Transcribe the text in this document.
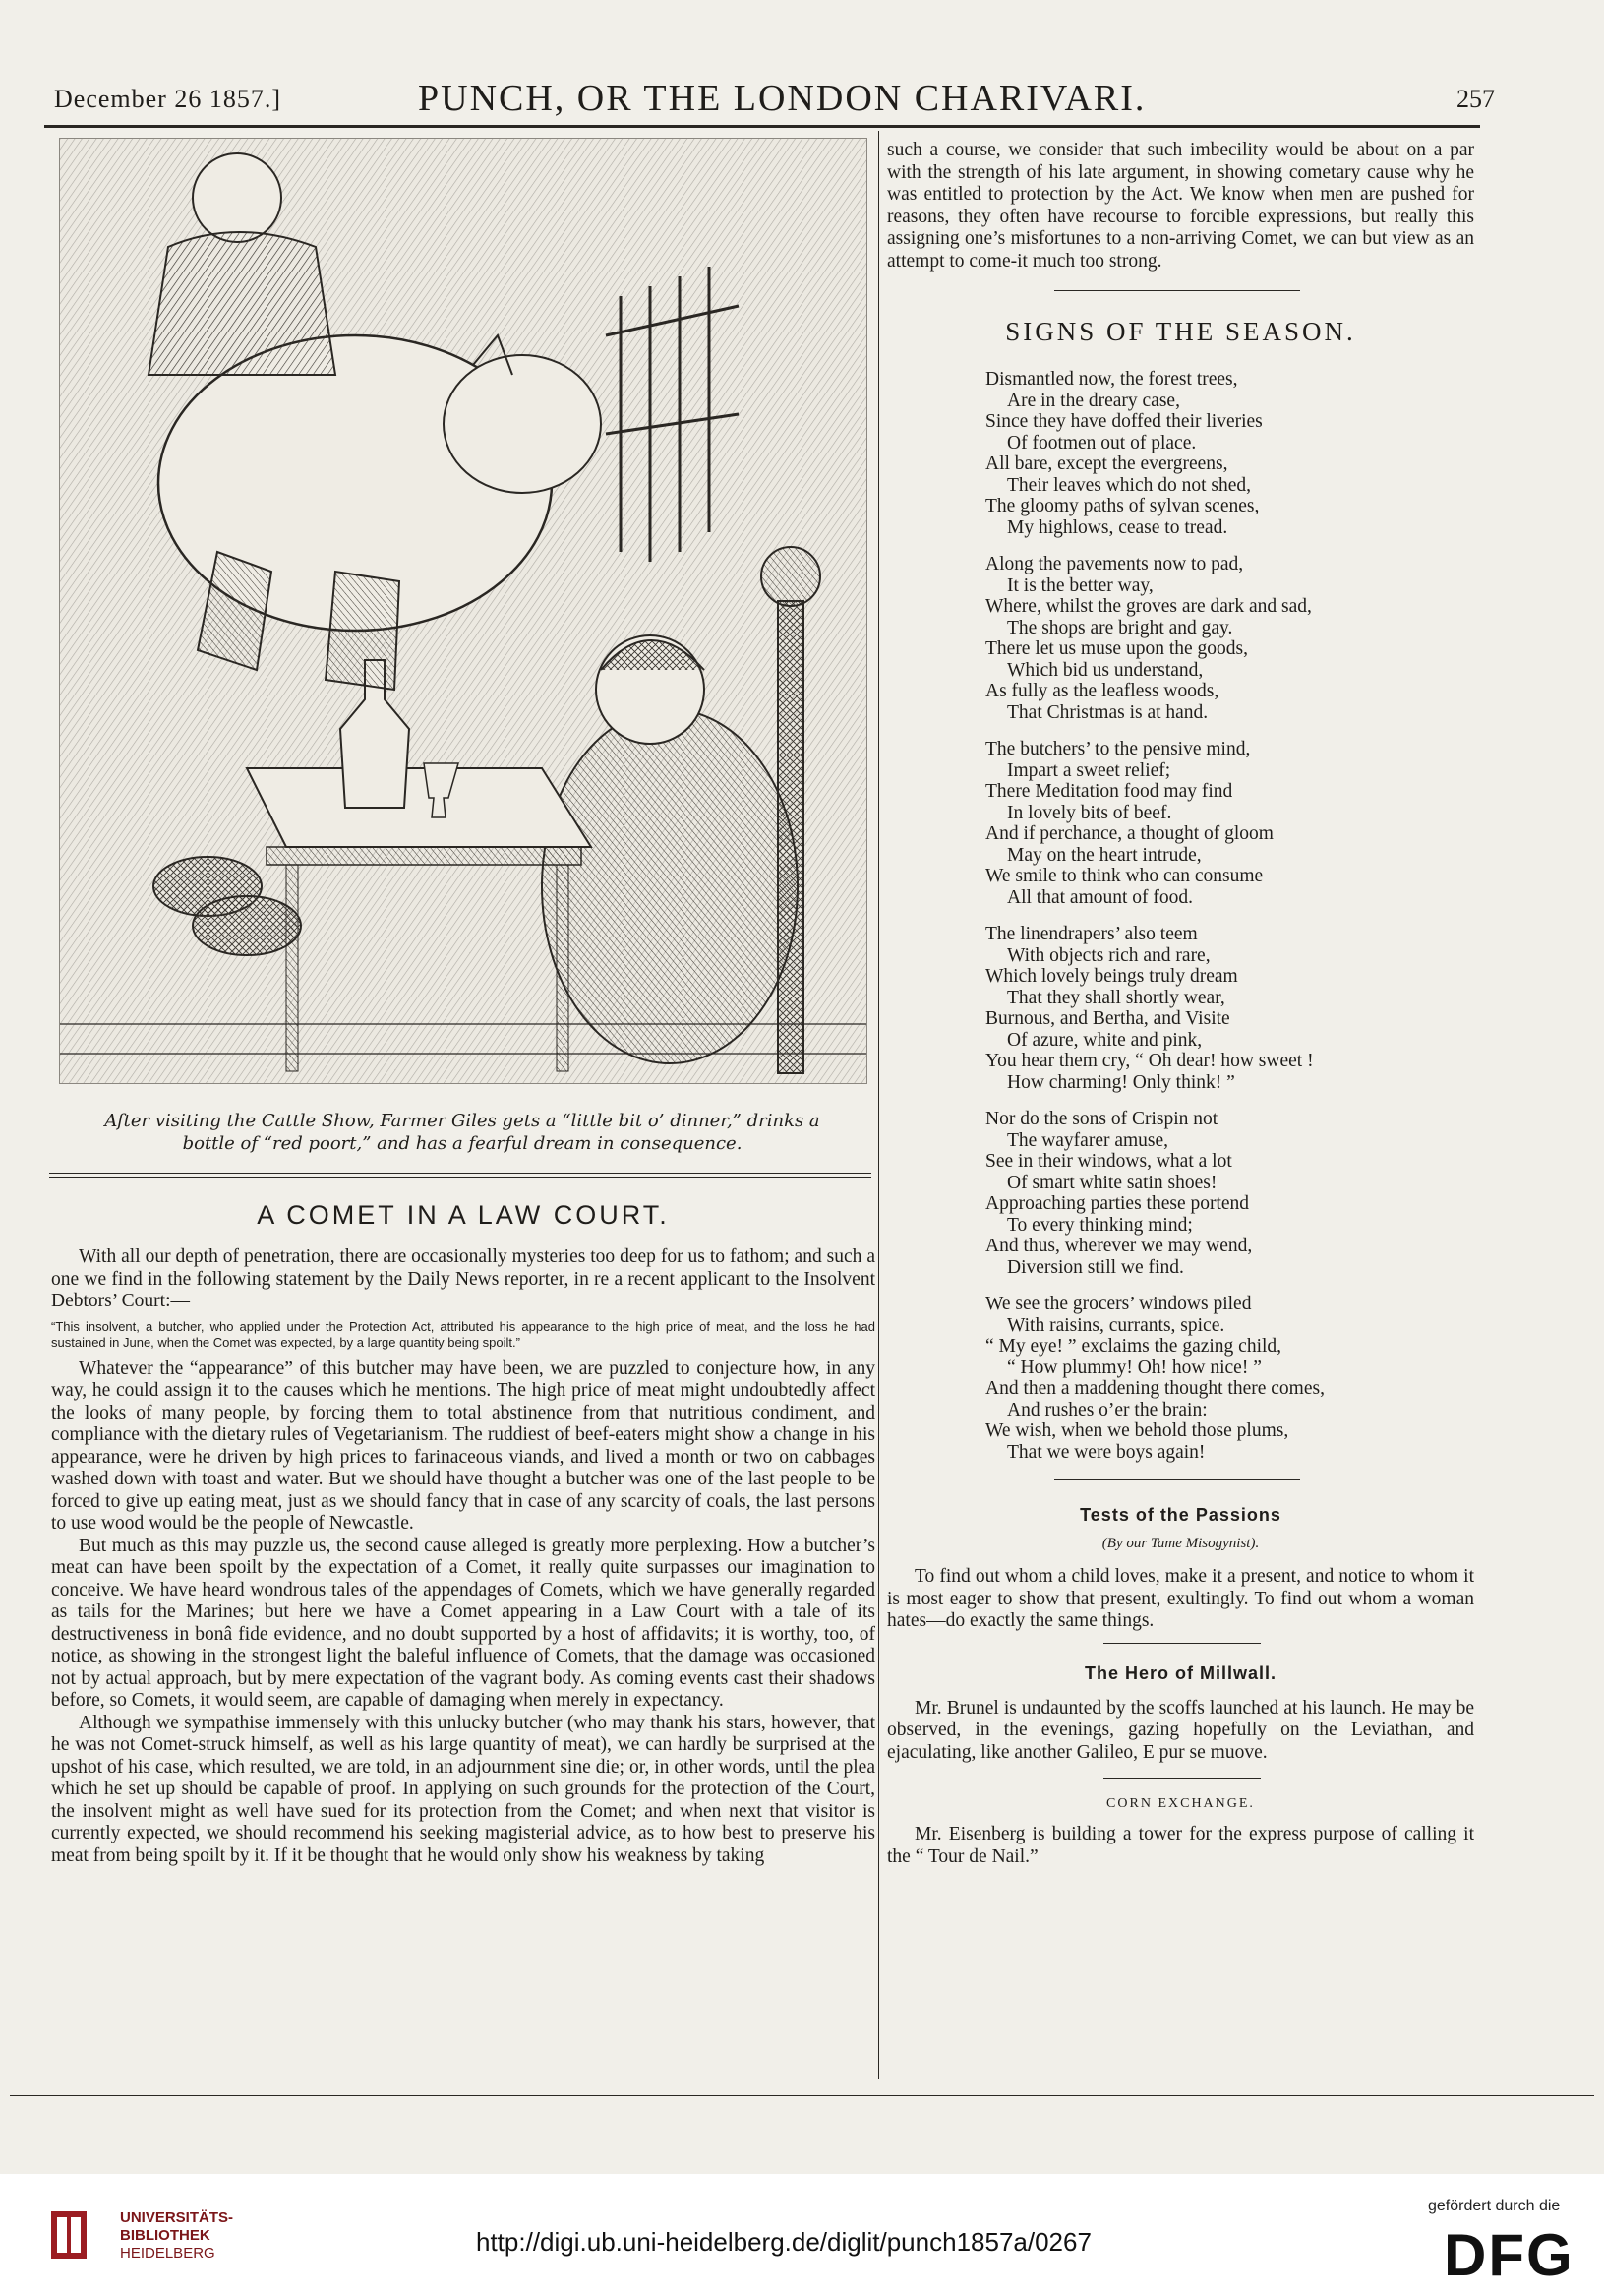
December 26 1857.]	PUNCH, OR THE LONDON CHARIVARI.	257
After visiting the Cattle Show, Farmer Giles gets a “little bit o’ dinner,” drinks a
bottle of “red poort,” and has a fearful dream in consequence.
A COMET IN A LAW COURT.

With all our depth of penetration, there are occasionally mysteries too deep for us to fathom; and such a one we find in the following statement by the Daily News reporter, in re a recent applicant to the Insolvent Debtors’ Court:—

“This insolvent, a butcher, who applied under the Protection Act, attributed his appearance to the high price of meat, and the loss he had sustained in June, when the Comet was expected, by a large quantity being spoilt.”

Whatever the “appearance” of this butcher may have been, we are puzzled to conjecture how, in any way, he could assign it to the causes which he mentions. The high price of meat might undoubtedly affect the looks of many people, by forcing them to total abstinence from that nutritious condiment, and compliance with the dietary rules of Vegetarianism. The ruddiest of beef-eaters might show a change in his appearance, were he driven by high prices to farinaceous viands, and lived a month or two on cabbages washed down with toast and water. But we should have thought a butcher was one of the last people to be forced to give up eating meat, just as we should fancy that in case of any scarcity of coals, the last persons to use wood would be the people of Newcastle.

But much as this may puzzle us, the second cause alleged is greatly more perplexing. How a butcher’s meat can have been spoilt by the expectation of a Comet, it really quite surpasses our imagination to conceive. We have heard wondrous tales of the appendages of Comets, which we have generally regarded as tails for the Marines; but here we have a Comet appearing in a Law Court with a tale of its destructiveness in bonâ fide evidence, and no doubt supported by a host of affidavits; it is worthy, too, of notice, as showing in the strongest light the baleful influence of Comets, that the damage was occasioned not by actual approach, but by mere expectation of the vagrant body. As coming events cast their shadows before, so Comets, it would seem, are capable of damaging when merely in expectancy.

Although we sympathise immensely with this unlucky butcher (who may thank his stars, however, that he was not Comet-struck himself, as well as his large quantity of meat), we can hardly be surprised at the upshot of his case, which resulted, we are told, in an adjournment sine die; or, in other words, until the plea which he set up should be capable of proof. In applying on such grounds for the protection of the Court, the insolvent might as well have sued for its protection from the Comet; and when next that visitor is currently expected, we should recommend his seeking magisterial advice, as to how best to preserve his meat from being spoilt by it. If it be thought that he would only show his weakness by taking

such a course, we consider that such imbecility would be about on a par with the strength of his late argument, in showing cometary cause why he was entitled to protection by the Act. We know when men are pushed for reasons, they often have recourse to forcible expressions, but really this assigning one’s misfortunes to a non-arriving Comet, we can but view as an attempt to come-it much too strong.

SIGNS OF THE SEASON.
Dismantled now, the forest trees,
Are in the dreary case,
Since they have doffed their liveries
Of footmen out of place.
All bare, except the evergreens,
Their leaves which do not shed,
The gloomy paths of sylvan scenes,
My highlows, cease to tread.
Along the pavements now to pad,
It is the better way,
Where, whilst the groves are dark and sad,
The shops are bright and gay.
There let us muse upon the goods,
Which bid us understand,
As fully as the leafless woods,
That Christmas is at hand.
The butchers’ to the pensive mind,
Impart a sweet relief;
There Meditation food may find
In lovely bits of beef.
And if perchance, a thought of gloom
May on the heart intrude,
We smile to think who can consume
All that amount of food.
The linendrapers’ also teem
With objects rich and rare,
Which lovely beings truly dream
That they shall shortly wear,
Burnous, and Bertha, and Visite
Of azure, white and pink,
You hear them cry, “ Oh dear! how sweet !
How charming! Only think! ”
Nor do the sons of Crispin not
The wayfarer amuse,
See in their windows, what a lot
Of smart white satin shoes!
Approaching parties these portend
To every thinking mind;
And thus, wherever we may wend,
Diversion still we find.
We see the grocers’ windows piled
With raisins, currants, spice.
“ My eye! ” exclaims the gazing child,
“ How plummy! Oh! how nice! ”
And then a maddening thought there comes,
And rushes o’er the brain:
We wish, when we behold those plums,
That we were boys again!
Tests of the Passions
(By our Tame Misogynist).

To find out whom a child loves, make it a present, and notice to whom it is most eager to show that present, exultingly. To find out whom a woman hates—do exactly the same things.

The Hero of Millwall.

Mr. Brunel is undaunted by the scoffs launched at his launch. He may be observed, in the evenings, gazing hopefully on the Leviathan, and ejaculating, like another Galileo, E pur se muove.

CORN EXCHANGE.

Mr. Eisenberg is building a tower for the express purpose of calling it the “ Tour de Nail.”

UNIVERSITÄTS-
BIBLIOTHEK
HEIDELBERG	http://digi.ub.uni-heidelberg.de/diglit/punch1857a/0267
gefördert durch die
DFG
